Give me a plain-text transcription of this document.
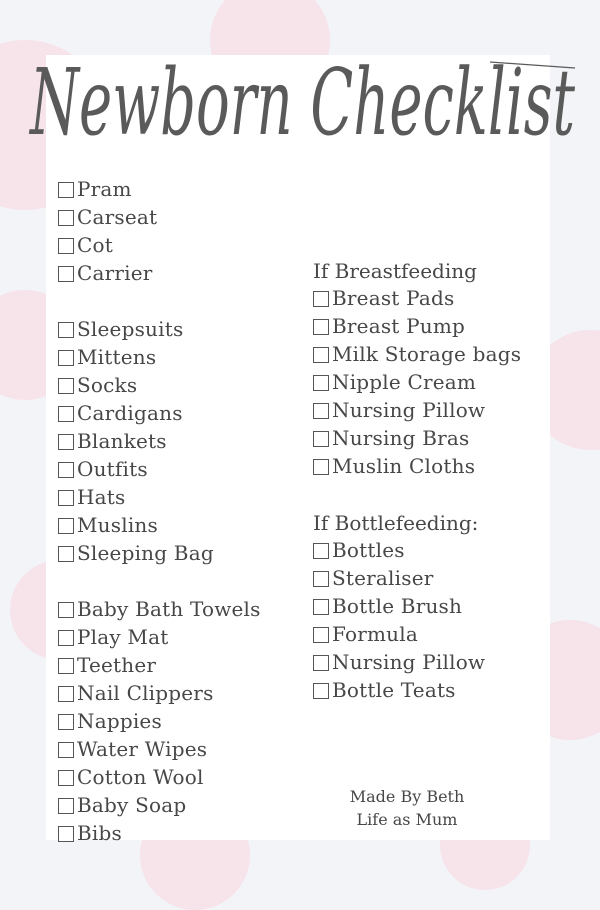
Newborn Checklist
Pram
Carseat
Cot
Carrier
Sleepsuits
Mittens
Socks
Cardigans
Blankets
Outfits
Hats
Muslins
Sleeping Bag
Baby Bath Towels
Play Mat
Teether
Nail Clippers
Nappies
Water Wipes
Cotton Wool
Baby Soap
Bibs
Breast Pads
Breast Pump
Milk Storage bags
Nipple Cream
Nursing Pillow
Nursing Bras
Muslin Cloths
Bottles
Steraliser
Bottle Brush
Formula
Nursing Pillow
Bottle Teats
If Breastfeeding
If Bottlefeeding:
Made By Beth
Life as Mum
